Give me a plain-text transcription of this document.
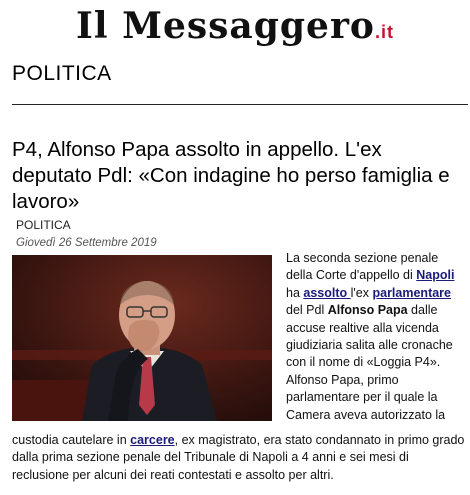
Il Messaggero.it
POLITICA
P4, Alfonso Papa assolto in appello. L'ex deputato Pdl: «Con indagine ho perso famiglia e lavoro»
POLITICA
Giovedì 26 Settembre 2019

La seconda sezione penale della Corte d'appello di Napoli ha assolto l'ex parlamentare del Pdl Alfonso Papa dalle accuse realtive alla vicenda giudiziaria salita alle cronache con il nome di «Loggia P4». Alfonso Papa, primo parlamentare per il quale la Camera aveva autorizzato la

custodia cautelare in carcere, ex magistrato, era stato condannato in primo grado dalla prima sezione penale del Tribunale di Napoli a 4 anni e sei mesi di reclusione per alcuni dei reati contestati e assolto per altri.
